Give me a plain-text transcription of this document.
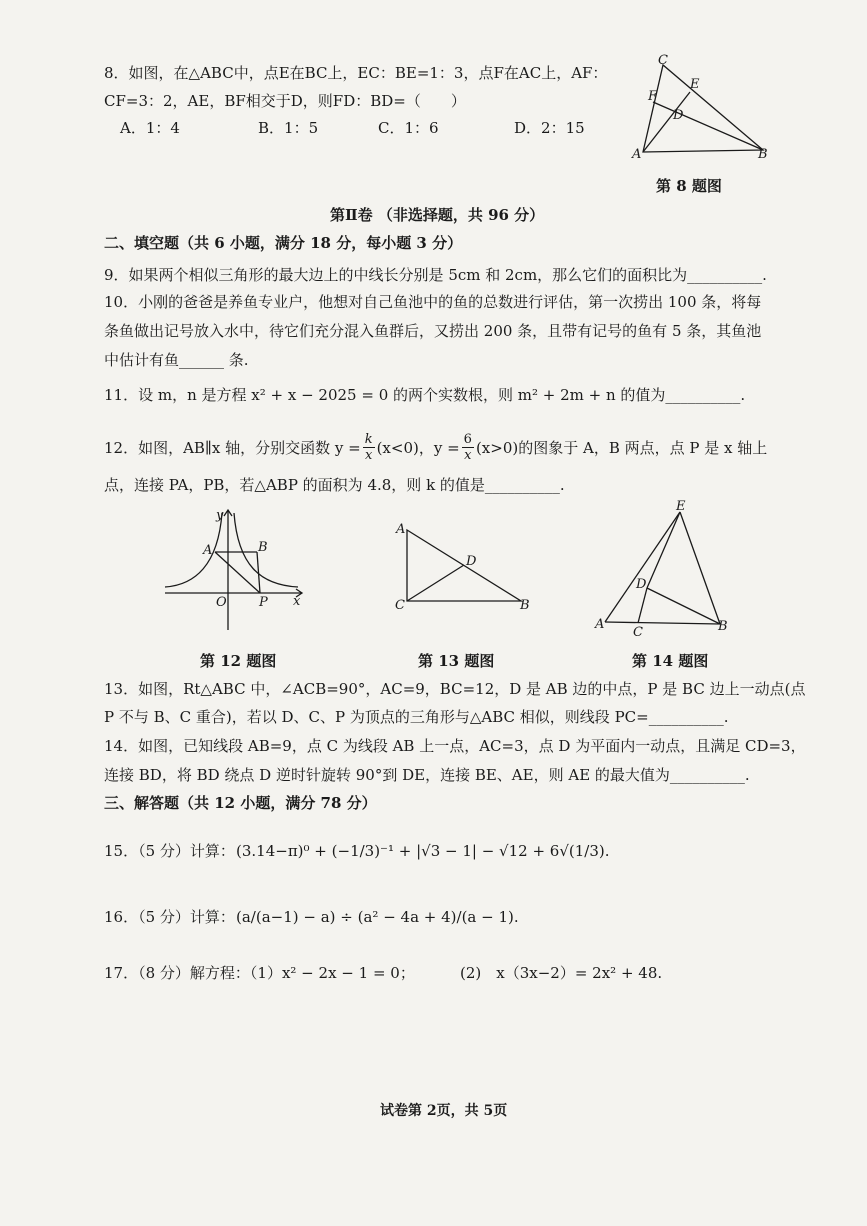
8．如图，在△ABC中，点E在BC上，EC：BE=1：3，点F在AC上，AF：
CF=3：2，AE，BF相交于D，则FD：BD=（　　）
A．1：4	B．1：5	C．1：6	D．2：15
C
E
F
D
A	B
第 8 题图
第Ⅱ卷 （非选择题，共 96 分）
二、填空题（共 6 小题，满分 18 分，每小题 3 分）
9．如果两个相似三角形的最大边上的中线长分别是 5cm 和 2cm，那么它们的面积比为__________.
10．小刚的爸爸是养鱼专业户，他想对自己鱼池中的鱼的总数进行评估，第一次捞出 100 条，将每
条鱼做出记号放入水中，待它们充分混入鱼群后，又捞出 200 条，且带有记号的鱼有 5 条，其鱼池
中估计有鱼______ 条.
11．设 m，n 是方程 x² + x − 2025 = 0 的两个实数根，则 m² + 2m + n 的值为__________.
12．如图，AB∥x 轴，分别交函数 $y = \frac{k}{x} (x<0)$，$y = \frac{6}{x} (x>0)$的图象于 A，B 两点，点 P 是 x 轴上
点，连接 PA，PB，若△ABP 的面积为 4.8，则 k 的值是__________.
y
x
O
A	B
P
第 12 题图
A
C
D
B
第 13 题图
E
D
A
C	B
第 14 题图
13．如图，Rt△ABC 中，∠ACB=90°，AC=9，BC=12，D 是 AB 边的中点，P 是 BC 边上一动点(点
P 不与 B、C 重合)，若以 D、C、P 为顶点的三角形与△ABC 相似，则线段 PC=__________.
14．如图，已知线段 AB=9，点 C 为线段 AB 上一点，AC=3，点 D 为平面内一动点，且满足 CD=3，
连接 BD，将 BD 绕点 D 逆时针旋转 90°到 DE，连接 BE、AE，则 AE 的最大值为__________.
三、解答题（共 12 小题，满分 78 分）
15．（5 分）计算： (3.14−π)⁰ + (−1/3)⁻¹ + |√3 − 1| − √12 + 6√(1/3).
16．（5 分）计算： (a/(a−1) − a) ÷ (a² − 4a + 4)/(a − 1).
17．（8 分）解方程：（1）x² − 2x − 1 = 0；	(2)　x（3x−2）= 2x² + 48.
试卷第 2页，共 5页
